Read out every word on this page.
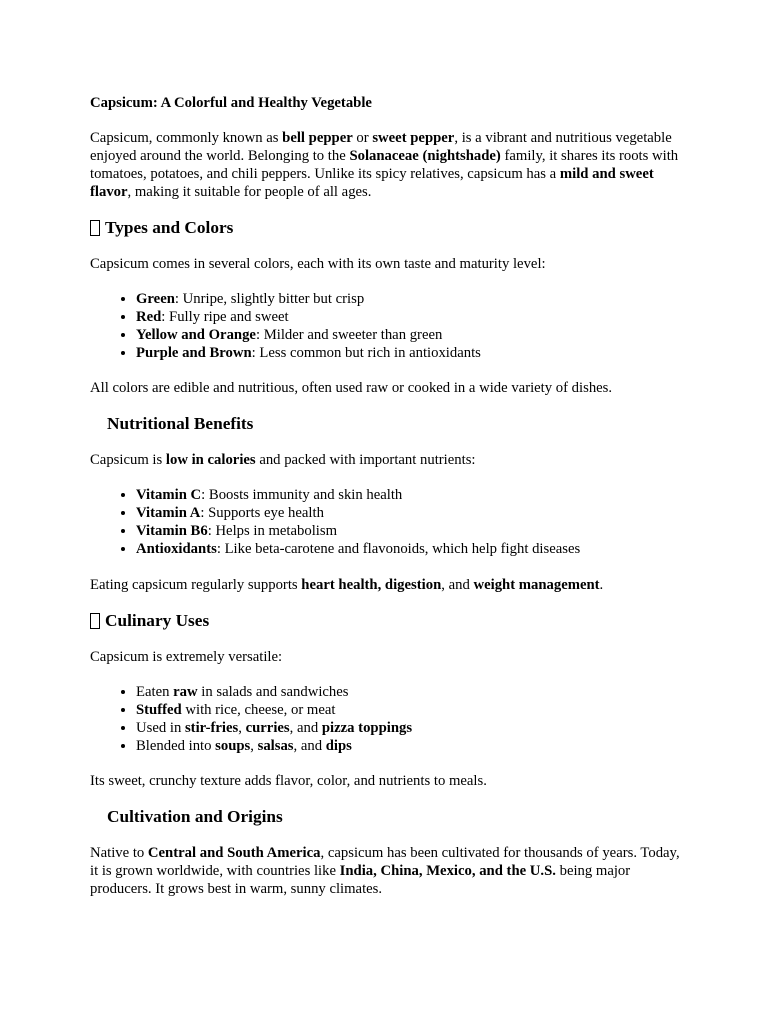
Capsicum: A Colorful and Healthy Vegetable

Capsicum, commonly known as bell pepper or sweet pepper, is a vibrant and nutritious vegetable enjoyed around the world. Belonging to the Solanaceae (nightshade) family, it shares its roots with tomatoes, potatoes, and chili peppers. Unlike its spicy relatives, capsicum has a mild and sweet flavor, making it suitable for people of all ages.

Types and Colors

Capsicum comes in several colors, each with its own taste and maturity level:

• Green: Unripe, slightly bitter but crisp
• Red: Fully ripe and sweet
• Yellow and Orange: Milder and sweeter than green
• Purple and Brown: Less common but rich in antioxidants

All colors are edible and nutritious, often used raw or cooked in a wide variety of dishes.

Nutritional Benefits

Capsicum is low in calories and packed with important nutrients:

• Vitamin C: Boosts immunity and skin health
• Vitamin A: Supports eye health
• Vitamin B6: Helps in metabolism
• Antioxidants: Like beta-carotene and flavonoids, which help fight diseases

Eating capsicum regularly supports heart health, digestion, and weight management.

Culinary Uses

Capsicum is extremely versatile:

• Eaten raw in salads and sandwiches
• Stuffed with rice, cheese, or meat
• Used in stir-fries, curries, and pizza toppings
• Blended into soups, salsas, and dips

Its sweet, crunchy texture adds flavor, color, and nutrients to meals.

Cultivation and Origins

Native to Central and South America, capsicum has been cultivated for thousands of years. Today, it is grown worldwide, with countries like India, China, Mexico, and the U.S. being major producers. It grows best in warm, sunny climates.
